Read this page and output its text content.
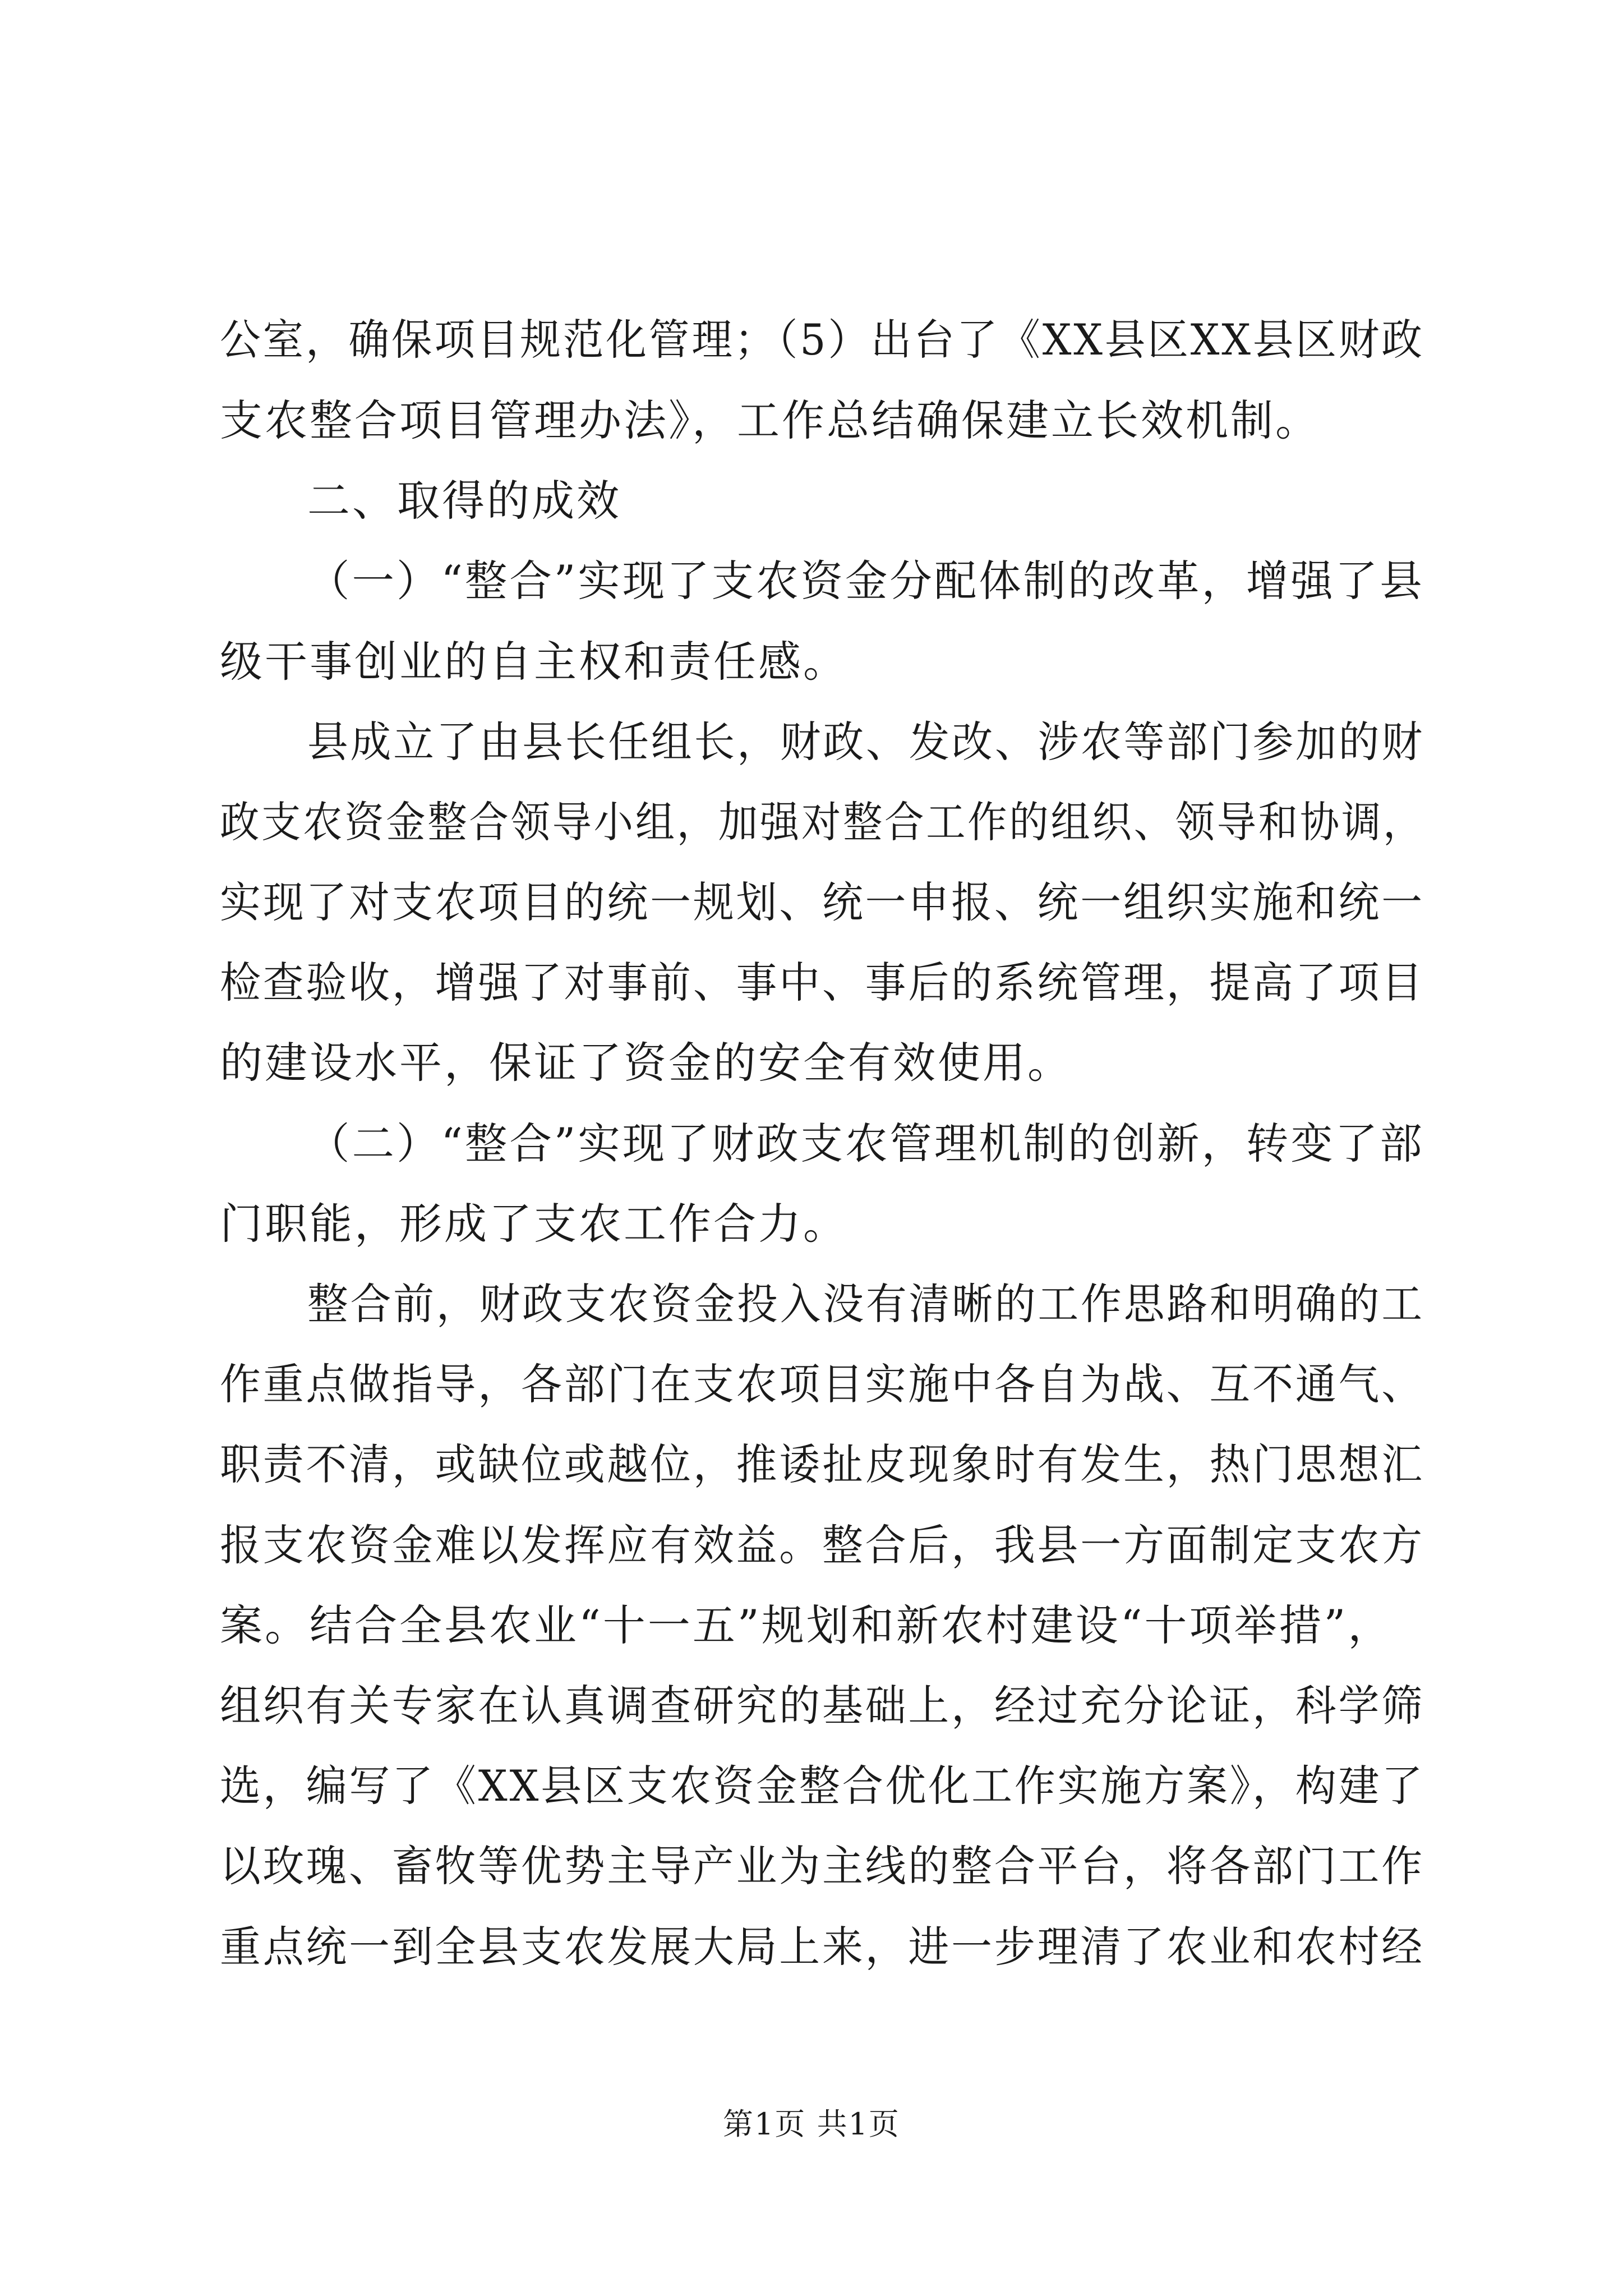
公室，确保项目规范化管理；（5）出台了《XX县区XX县区财政
支农整合项目管理办法》，工作总结确保建立长效机制。
二、取得的成效
（一）“整合”实现了支农资金分配体制的改革，增强了县
级干事创业的自主权和责任感。
县成立了由县长任组长，财政、发改、涉农等部门参加的财
政支农资金整合领导小组，加强对整合工作的组织、领导和协调，
实现了对支农项目的统一规划、统一申报、统一组织实施和统一
检查验收，增强了对事前、事中、事后的系统管理，提高了项目
的建设水平，保证了资金的安全有效使用。
（二）“整合”实现了财政支农管理机制的创新，转变了部
门职能，形成了支农工作合力。
整合前，财政支农资金投入没有清晰的工作思路和明确的工
作重点做指导，各部门在支农项目实施中各自为战、互不通气、
职责不清，或缺位或越位，推诿扯皮现象时有发生，热门思想汇
报支农资金难以发挥应有效益。整合后，我县一方面制定支农方
案。结合全县农业“十一五”规划和新农村建设“十项举措”，
组织有关专家在认真调查研究的基础上，经过充分论证，科学筛
选，编写了《XX县区支农资金整合优化工作实施方案》，构建了
以玫瑰、畜牧等优势主导产业为主线的整合平台，将各部门工作
重点统一到全县支农发展大局上来，进一步理清了农业和农村经
第1页 共1页
